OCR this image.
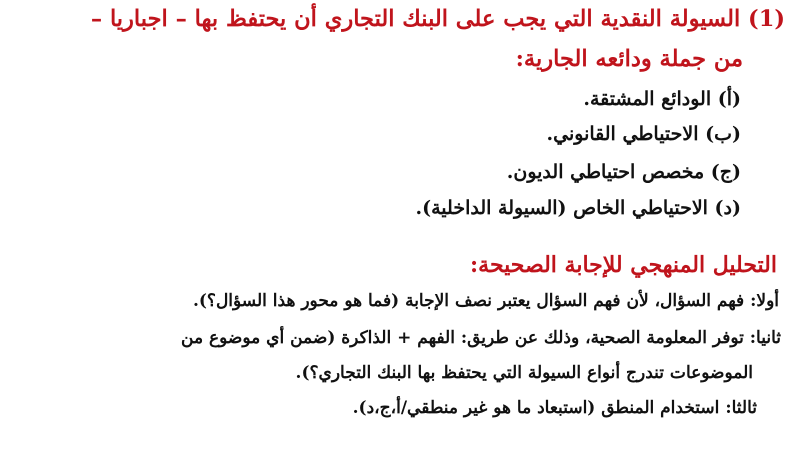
(1) السيولة النقدية التي يجب على البنك التجاري أن يحتفظ بها – اجباريا –
من جملة ودائعه الجارية:
(أ) الودائع المشتقة.
(ب) الاحتياطي القانوني.
(ج) مخصص احتياطي الديون.
(د) الاحتياطي الخاص (السيولة الداخلية).
التحليل المنهجي للإجابة الصحيحة:
أولا: فهم السؤال، لأن فهم السؤال يعتبر نصف الإجابة (فما هو محور هذا السؤال؟).
ثانيا: توفر المعلومة الصحية، وذلك عن طريق: الفهم + الذاكرة (ضمن أي موضوع من
الموضوعات تندرج أنواع السيولة التي يحتفظ بها البنك التجاري؟).
ثالثا: استخدام المنطق (استبعاد ما هو غير منطقي/أ،ج،د).
